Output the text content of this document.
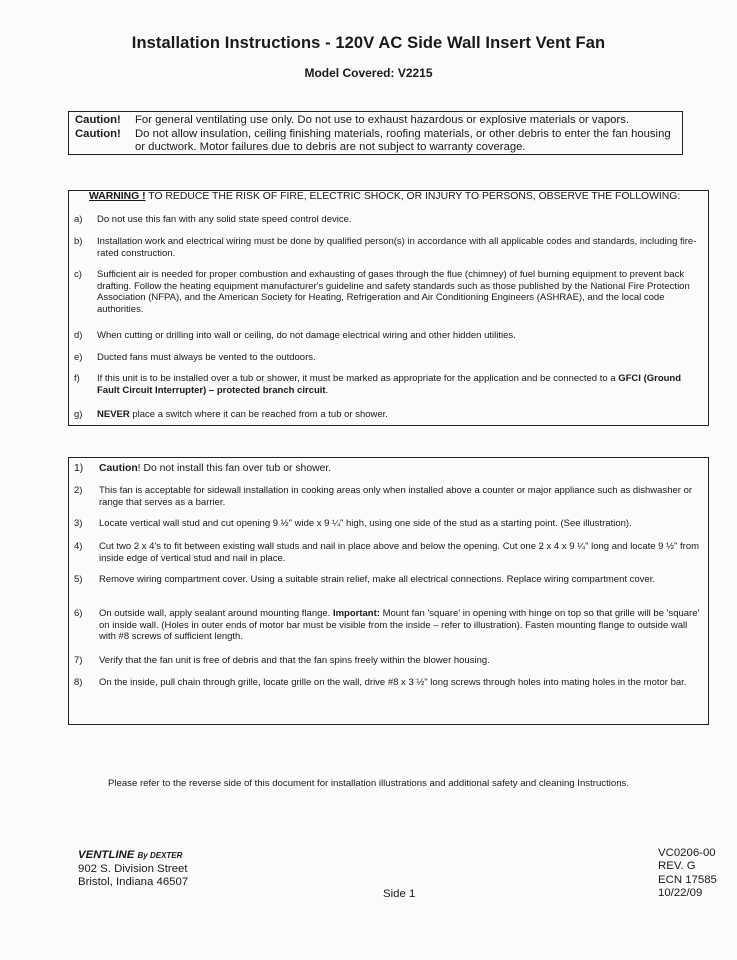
Installation Instructions - 120V AC Side Wall Insert Vent Fan
Model Covered: V2215
Caution!	For general ventilating use only. Do not use to exhaust hazardous or explosive materials or vapors.
Caution!	Do not allow insulation, ceiling finishing materials, roofing materials, or other debris to enter the fan housing or ductwork. Motor failures due to debris are not subject to warranty coverage.
WARNING ! TO REDUCE THE RISK OF FIRE, ELECTRIC SHOCK, OR INJURY TO PERSONS, OBSERVE THE FOLLOWING:
a) Do not use this fan with any solid state speed control device.
b) Installation work and electrical wiring must be done by qualified person(s) in accordance with all applicable codes and standards, including fire-rated construction.
c) Sufficient air is needed for proper combustion and exhausting of gases through the flue (chimney) of fuel burning equipment to prevent back drafting. Follow the heating equipment manufacturer's guideline and safety standards such as those published by the National Fire Protection Association (NFPA), and the American Society for Heating, Refrigeration and Air Conditioning Engineers (ASHRAE), and the local code authorities.
d) When cutting or drilling into wall or ceiling, do not damage electrical wiring and other hidden utilities.
e) Ducted fans must always be vented to the outdoors.
f) If this unit is to be installed over a tub or shower, it must be marked as appropriate for the application and be connected to a GFCI (Ground Fault Circuit Interrupter) – protected branch circuit.
g) NEVER place a switch where it can be reached from a tub or shower.
1) Caution! Do not install this fan over tub or shower.
2) This fan is acceptable for sidewall installation in cooking areas only when installed above a counter or major appliance such as dishwasher or range that serves as a barrier.
3) Locate vertical wall stud and cut opening 9 ½" wide x 9 ¼" high, using one side of the stud as a starting point. (See illustration).
4) Cut two 2 x 4's to fit between existing wall studs and nail in place above and below the opening. Cut one 2 x 4 x 9 ¼" long and locate 9 ½" from inside edge of vertical stud and nail in place.
5) Remove wiring compartment cover. Using a suitable strain relief, make all electrical connections. Replace wiring compartment cover.
6) On outside wall, apply sealant around mounting flange. Important: Mount fan 'square' in opening with hinge on top so that grille will be 'square' on inside wall. (Holes in outer ends of motor bar must be visible from the inside – refer to illustration). Fasten mounting flange to outside wall with #8 screws of sufficient length.
7) Verify that the fan unit is free of debris and that the fan spins freely within the blower housing.
8) On the inside, pull chain through grille, locate grille on the wall, drive #8 x 3 ½" long screws through holes into mating holes in the motor bar.
Please refer to the reverse side of this document for installation illustrations and additional safety and cleaning Instructions.
VENTLINE By DEXTER
902 S. Division Street
Bristol, Indiana 46507
Side 1
VC0206-00
REV. G
ECN 17585
10/22/09
